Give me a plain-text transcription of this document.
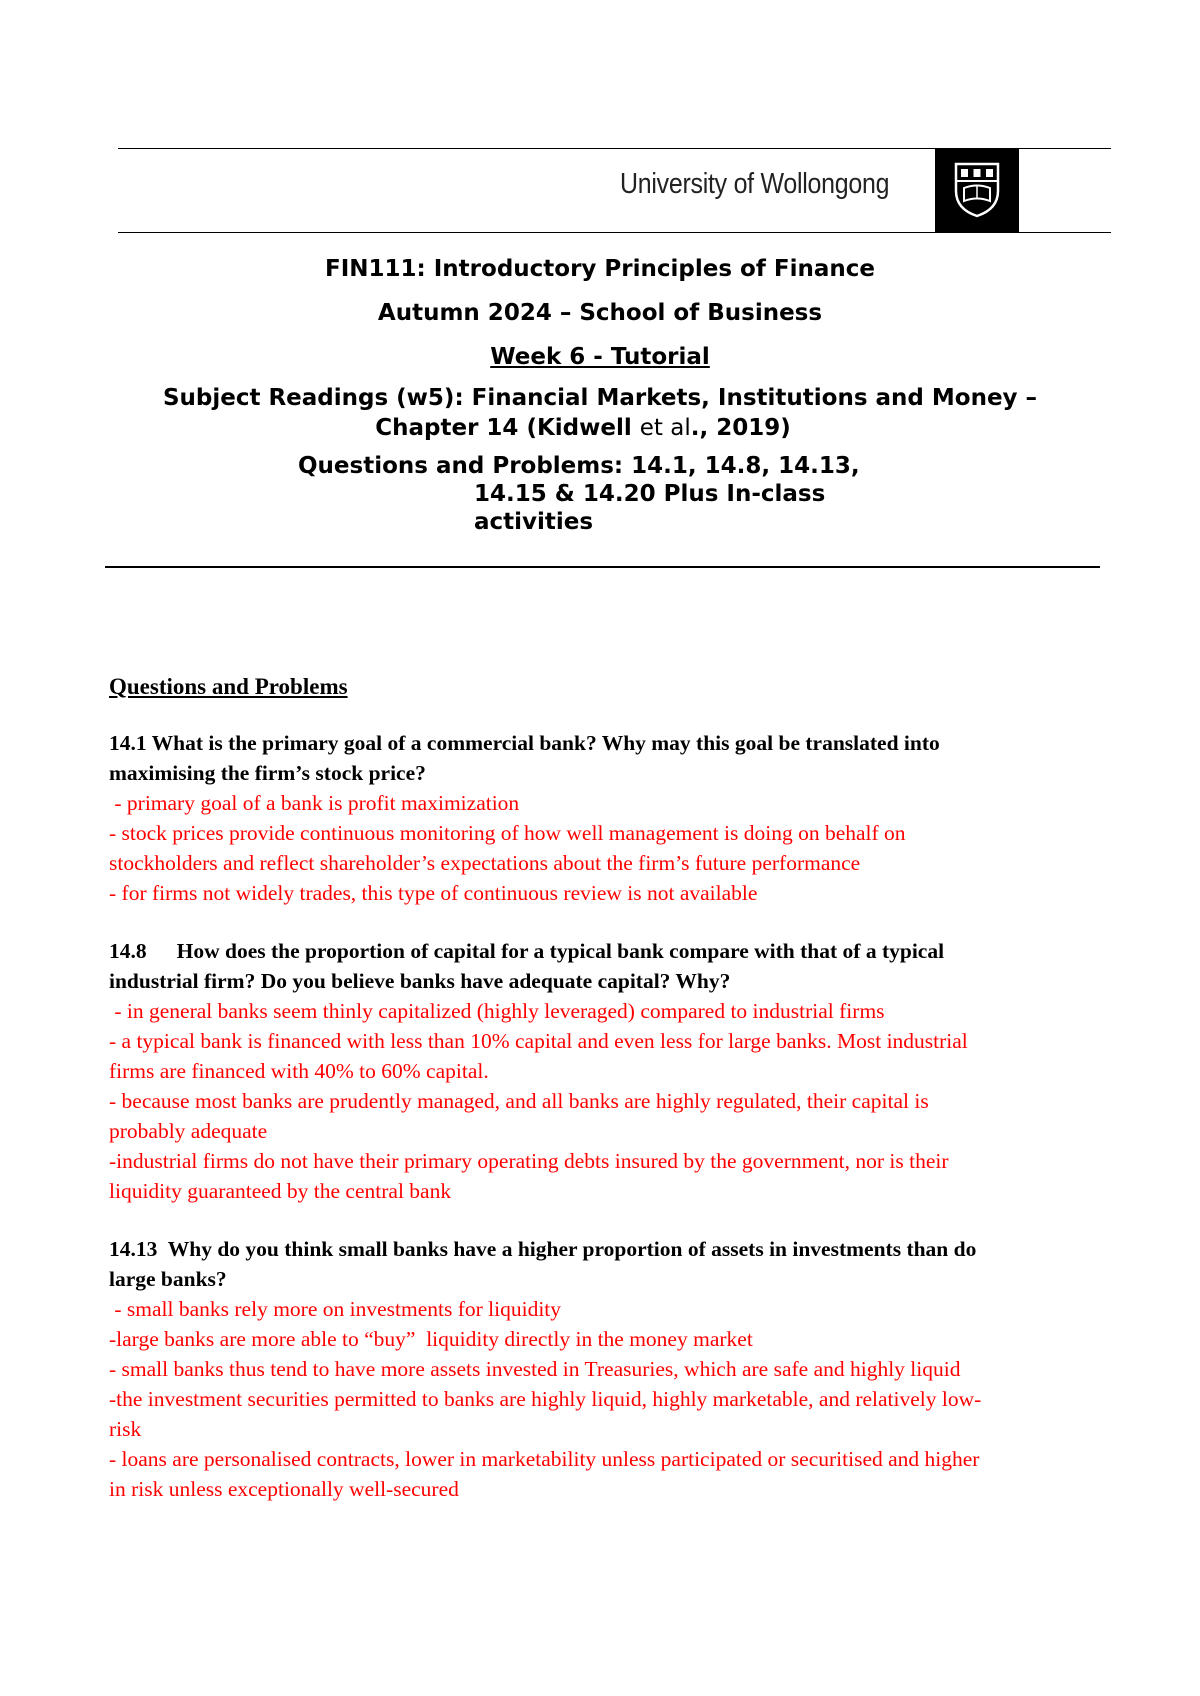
University of Wollongong
FIN111: Introductory Principles of Finance
Autumn 2024 – School of Business
Week 6 - Tutorial
Subject Readings (w5): Financial Markets, Institutions and Money –
Chapter 14 (Kidwell et al., 2019)
Questions and Problems: 14.1, 14.8, 14.13,
14.15 & 14.20 Plus In-class
activities
Questions and Problems
14.1 What is the primary goal of a commercial bank? Why may this goal be translated into
maximising the firm’s stock price?
- primary goal of a bank is profit maximization
- stock prices provide continuous monitoring of how well management is doing on behalf on
stockholders and reflect shareholder’s expectations about the firm’s future performance
- for firms not widely trades, this type of continuous review is not available
14.8 How does the proportion of capital for a typical bank compare with that of a typical
industrial firm? Do you believe banks have adequate capital? Why?
- in general banks seem thinly capitalized (highly leveraged) compared to industrial firms
- a typical bank is financed with less than 10% capital and even less for large banks. Most industrial
firms are financed with 40% to 60% capital.
- because most banks are prudently managed, and all banks are highly regulated, their capital is
probably adequate
-industrial firms do not have their primary operating debts insured by the government, nor is their
liquidity guaranteed by the central bank
14.13  Why do you think small banks have a higher proportion of assets in investments than do
large banks?
- small banks rely more on investments for liquidity
-large banks are more able to “buy”  liquidity directly in the money market
- small banks thus tend to have more assets invested in Treasuries, which are safe and highly liquid
-the investment securities permitted to banks are highly liquid, highly marketable, and relatively low-
risk
- loans are personalised contracts, lower in marketability unless participated or securitised and higher
in risk unless exceptionally well-secured
